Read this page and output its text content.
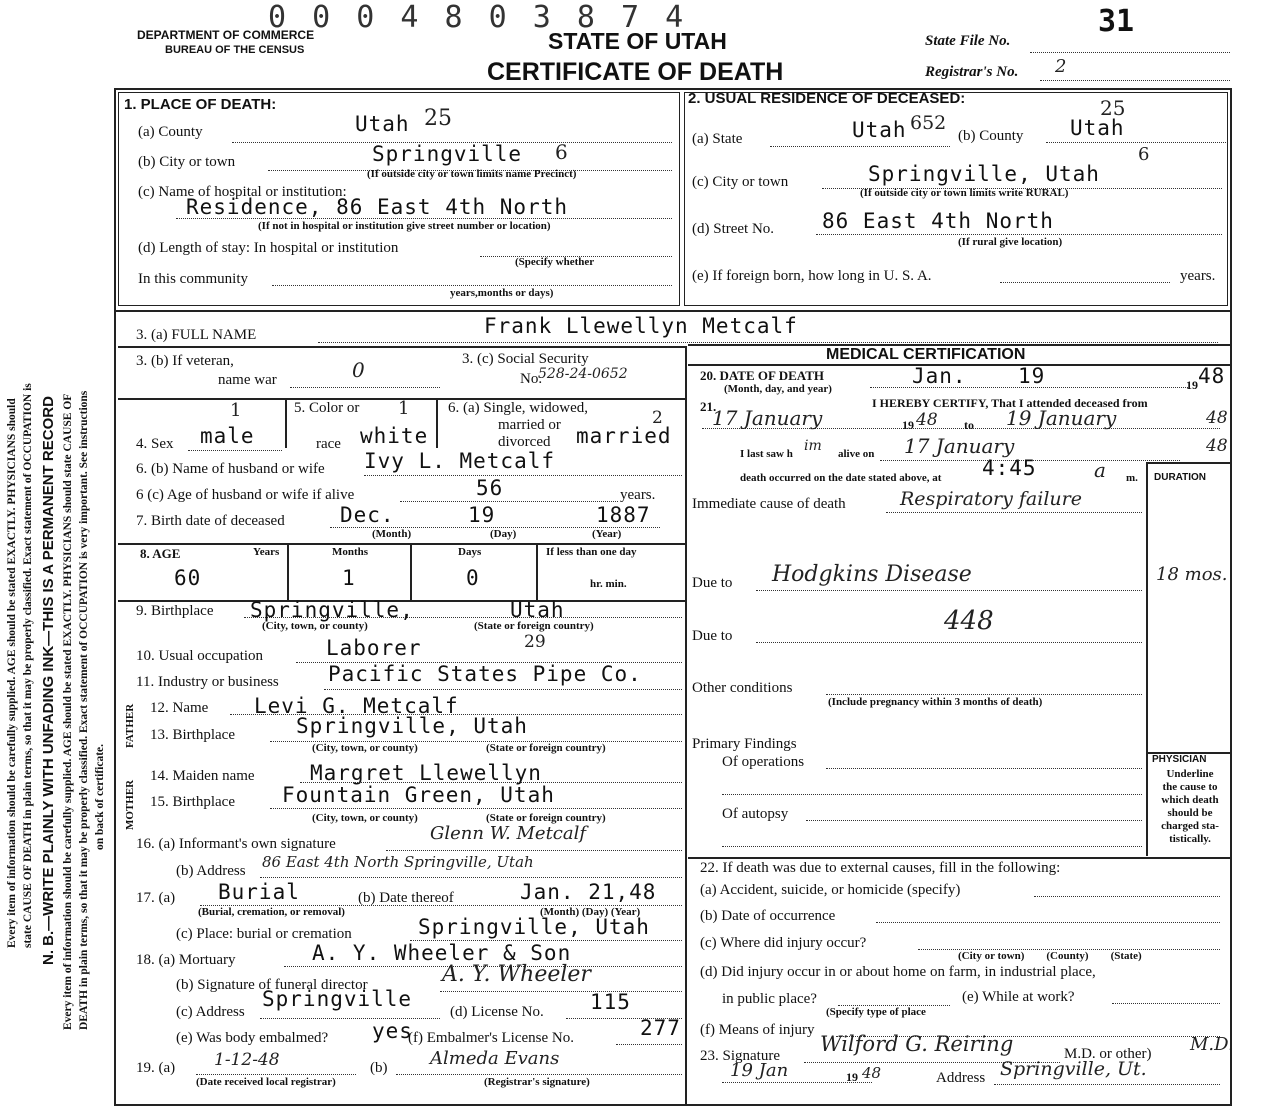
Every item of information should be carefully supplied. AGE should be stated EXACTLY. PHYSICIANS should state CAUSE OF DEATH in plain terms, so that it may be properly classified. Exact statement of OCCUPATION is N. B.—WRITE PLAINLY WITH UNFADING INK—THIS IS A PERMANENT RECORD Every item of information should be carefully supplied. AGE should be stated EXACTLY. PHYSICIANS should state CAUSE OF DEATH in plain terms, so that it may be properly classified. Exact statement of OCCUPATION is very important. See instructions on back of certificate.
DEPARTMENT OF COMMERCE
BUREAU OF THE CENSUS
0 0 0 4 8 0 3 8 7 4
STATE OF UTAH
CERTIFICATE OF DEATH
State File No.
31
Registrar's No. 2
1. PLACE OF DEATH:
(a) County	Utah 25
(b) City or town	Springville 6
(If outside city or town limits name Precinct)
(c) Name of hospital or institution:
Residence, 86 East 4th North
(If not in hospital or institution give street number or location)
(d) Length of stay: In hospital or institution
(Specify whether
In this community
years,months or days)
2. USUAL RESIDENCE OF DECEASED:
(a) State	Utah 652
(b) County Utah
25
(c) City or town	Springville, Utah
6
(If outside city or town limits write RURAL)
(d) Street No. 86 East 4th North
(If rural give location)
(e) If foreign born, how long in U. S. A.	years.
3. (a) FULL NAME	Frank Llewellyn Metcalf
3. (b) If veteran,
name war	0	3. (c) Social Security
No.
528-24-0652
4. Sex male
1	5. Color or
race white
1	6. (a) Single, widowed,
married or
divorced married
2
6. (b) Name of husband or wife Ivy L. Metcalf
6 (c) Age of husband or wife if alive	56	years.
7. Birth date of deceased	Dec.	19	1887
(Month)	(Day)	(Year)
8. AGE	Years	Months	Days	If less than one day
60	1	0	hr. min.
9. Birthplace Springville,	Utah
(City, town, or county)	(State or foreign country)
10. Usual occupation	Laborer	29
11. Industry or business Pacific States Pipe Co.
FATHER
MOTHER
12. Name Levi G. Metcalf
13. Birthplace	Springville, Utah
(City, town, or county)	(State or foreign country)
14. Maiden name	Margret Llewellyn
15. Birthplace Fountain Green, Utah
(City, town, or county)	(State or foreign country)
16. (a) Informant's own signature	Glenn W. Metcalf
(b) Address 86 East 4th North Springville, Utah
17. (a) Burial	(b) Date thereof	Jan. 21,48
(Burial, cremation, or removal)	(Month) (Day) (Year)
(c) Place: burial or cremation	Springville, Utah
18. (a) Mortuary	A. Y. Wheeler & Son
(b) Signature of funeral director	A. Y. Wheeler
(c) Address
Springville
(d) License No. 115
(e) Was body embalmed? yes
(f) Embalmer's License No.	277
19. (a) 1-12-48	(b) Almeda Evans
(Date received local registrar)	(Registrar's signature)
MEDICAL CERTIFICATION
20. DATE OF DEATH
(Month, day, and year)
Jan. 19	19 48
21.	I HEREBY CERTIFY, That I attended deceased from
17 January	19 48 to 19 January	48
I last saw h im alive on 17 January	48
death occurred on the date stated above, at 4:45	a m. DURATION
Immediate cause of death	Respiratory failure
Due to Hodgkins Disease	18 mos.
Due to	448
Other conditions
(Include pregnancy within 3 months of death)
Primary Findings
Of operations
Of autopsy
PHYSICIAN
Underline
the cause to
which death
should be
charged sta-
tistically.
22. If death was due to external causes, fill in the following:
(a) Accident, suicide, or homicide (specify)
(b) Date of occurrence
(c) Where did injury occur?
(City or town)        (County)        (State)
(d) Did injury occur in or about home on farm, in industrial place,
in public place?	(e) While at work?
(Specify type of place
(f) Means of injury
23. Signature Wilford G. Reiring	M.D. or other) M.D.
19 Jan	19 48	Address Springville, Ut.
